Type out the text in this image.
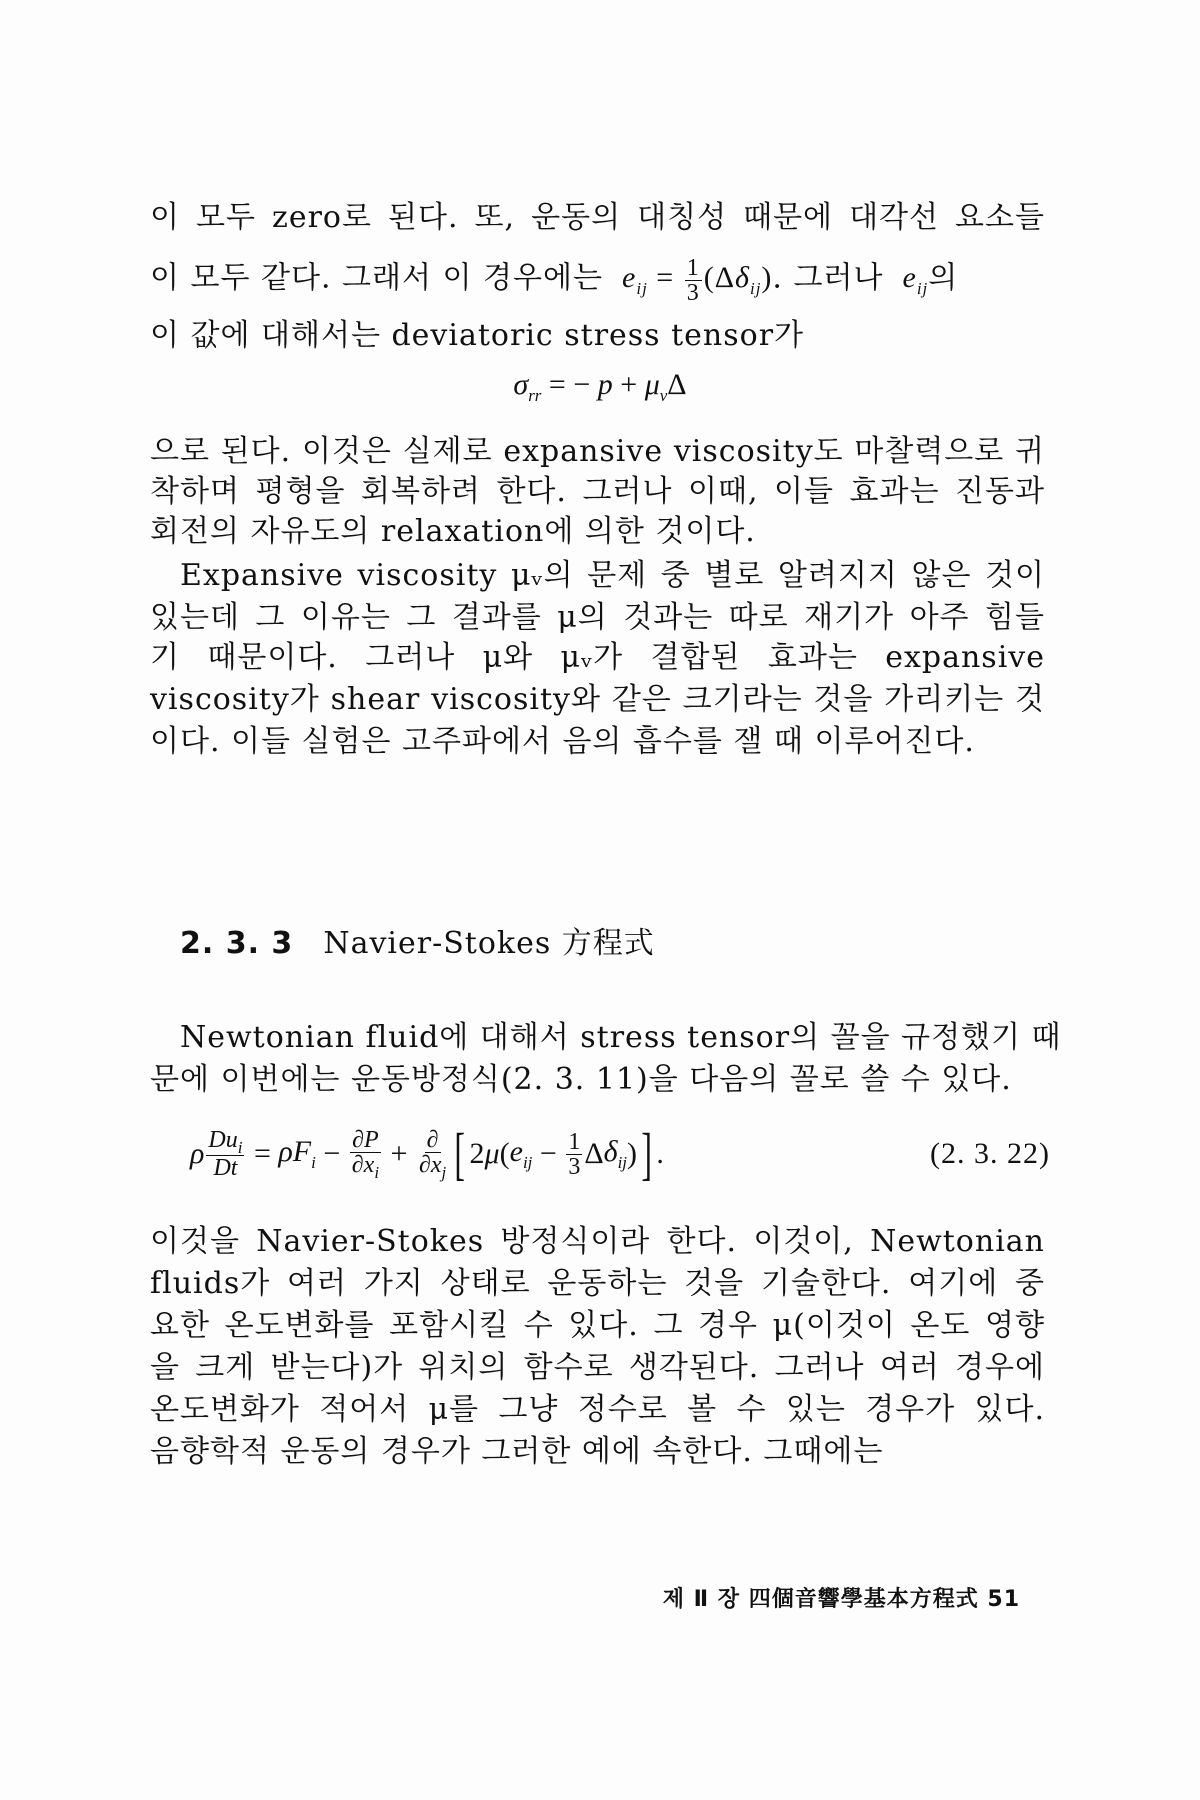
이 모두 zero로 된다. 또, 운동의 대칭성 때문에 대각선 요소들
이 모두 같다. 그래서 이 경우에는  $e_{ij} = \frac{1}{3} (\Delta\delta_{ij})$. 그러나  $e_{ij}$의
이 값에 대해서는 deviatoric stress tensor가
$\sigma_{rr}$ = − $p + \mu_v\Delta$
으로 된다. 이것은 실제로 expansive viscosity도 마찰력으로 귀
착하며 평형을 회복하려 한다. 그러나 이때, 이들 효과는 진동과
회전의 자유도의 relaxation에 의한 것이다.
Expansive viscosity μᵥ의 문제 중 별로 알려지지 않은 것이
있는데 그 이유는 그 결과를 μ의 것과는 따로 재기가 아주 힘들
기 때문이다. 그러나 μ와 μᵥ가 결합된 효과는 expansive
viscosity가 shear viscosity와 같은 크기라는 것을 가리키는 것
이다. 이들 실험은 고주파에서 음의 흡수를 잴 때 이루어진다.
2. 3. 3 Navier-Stokes 方程式
Newtonian fluid에 대해서 stress tensor의 꼴을 규정했기 때
문에 이번에는 운동방정식(2. 3. 11)을 다음의 꼴로 쓸 수 있다.
ρ $\frac{Du_i}{Dt} = \rho F_i - \frac{\partial P}{\partial x_i} + \frac{\partial}{\partial x_j}$ [ 2 μ ( $e_{ij} - \frac{1}{3}$ Δ $\delta_{ij}$ ) ] .	(2. 3. 22)
이것을 Navier-Stokes 방정식이라 한다. 이것이, Newtonian
fluids가 여러 가지 상태로 운동하는 것을 기술한다. 여기에 중
요한 온도변화를 포함시킬 수 있다. 그 경우 μ(이것이 온도 영향
을 크게 받는다)가 위치의 함수로 생각된다. 그러나 여러 경우에
온도변화가 적어서 μ를 그냥 정수로 볼 수 있는 경우가 있다.
음향학적 운동의 경우가 그러한 예에 속한다. 그때에는
제 Ⅱ 장 四個音響學基本方程式 51
